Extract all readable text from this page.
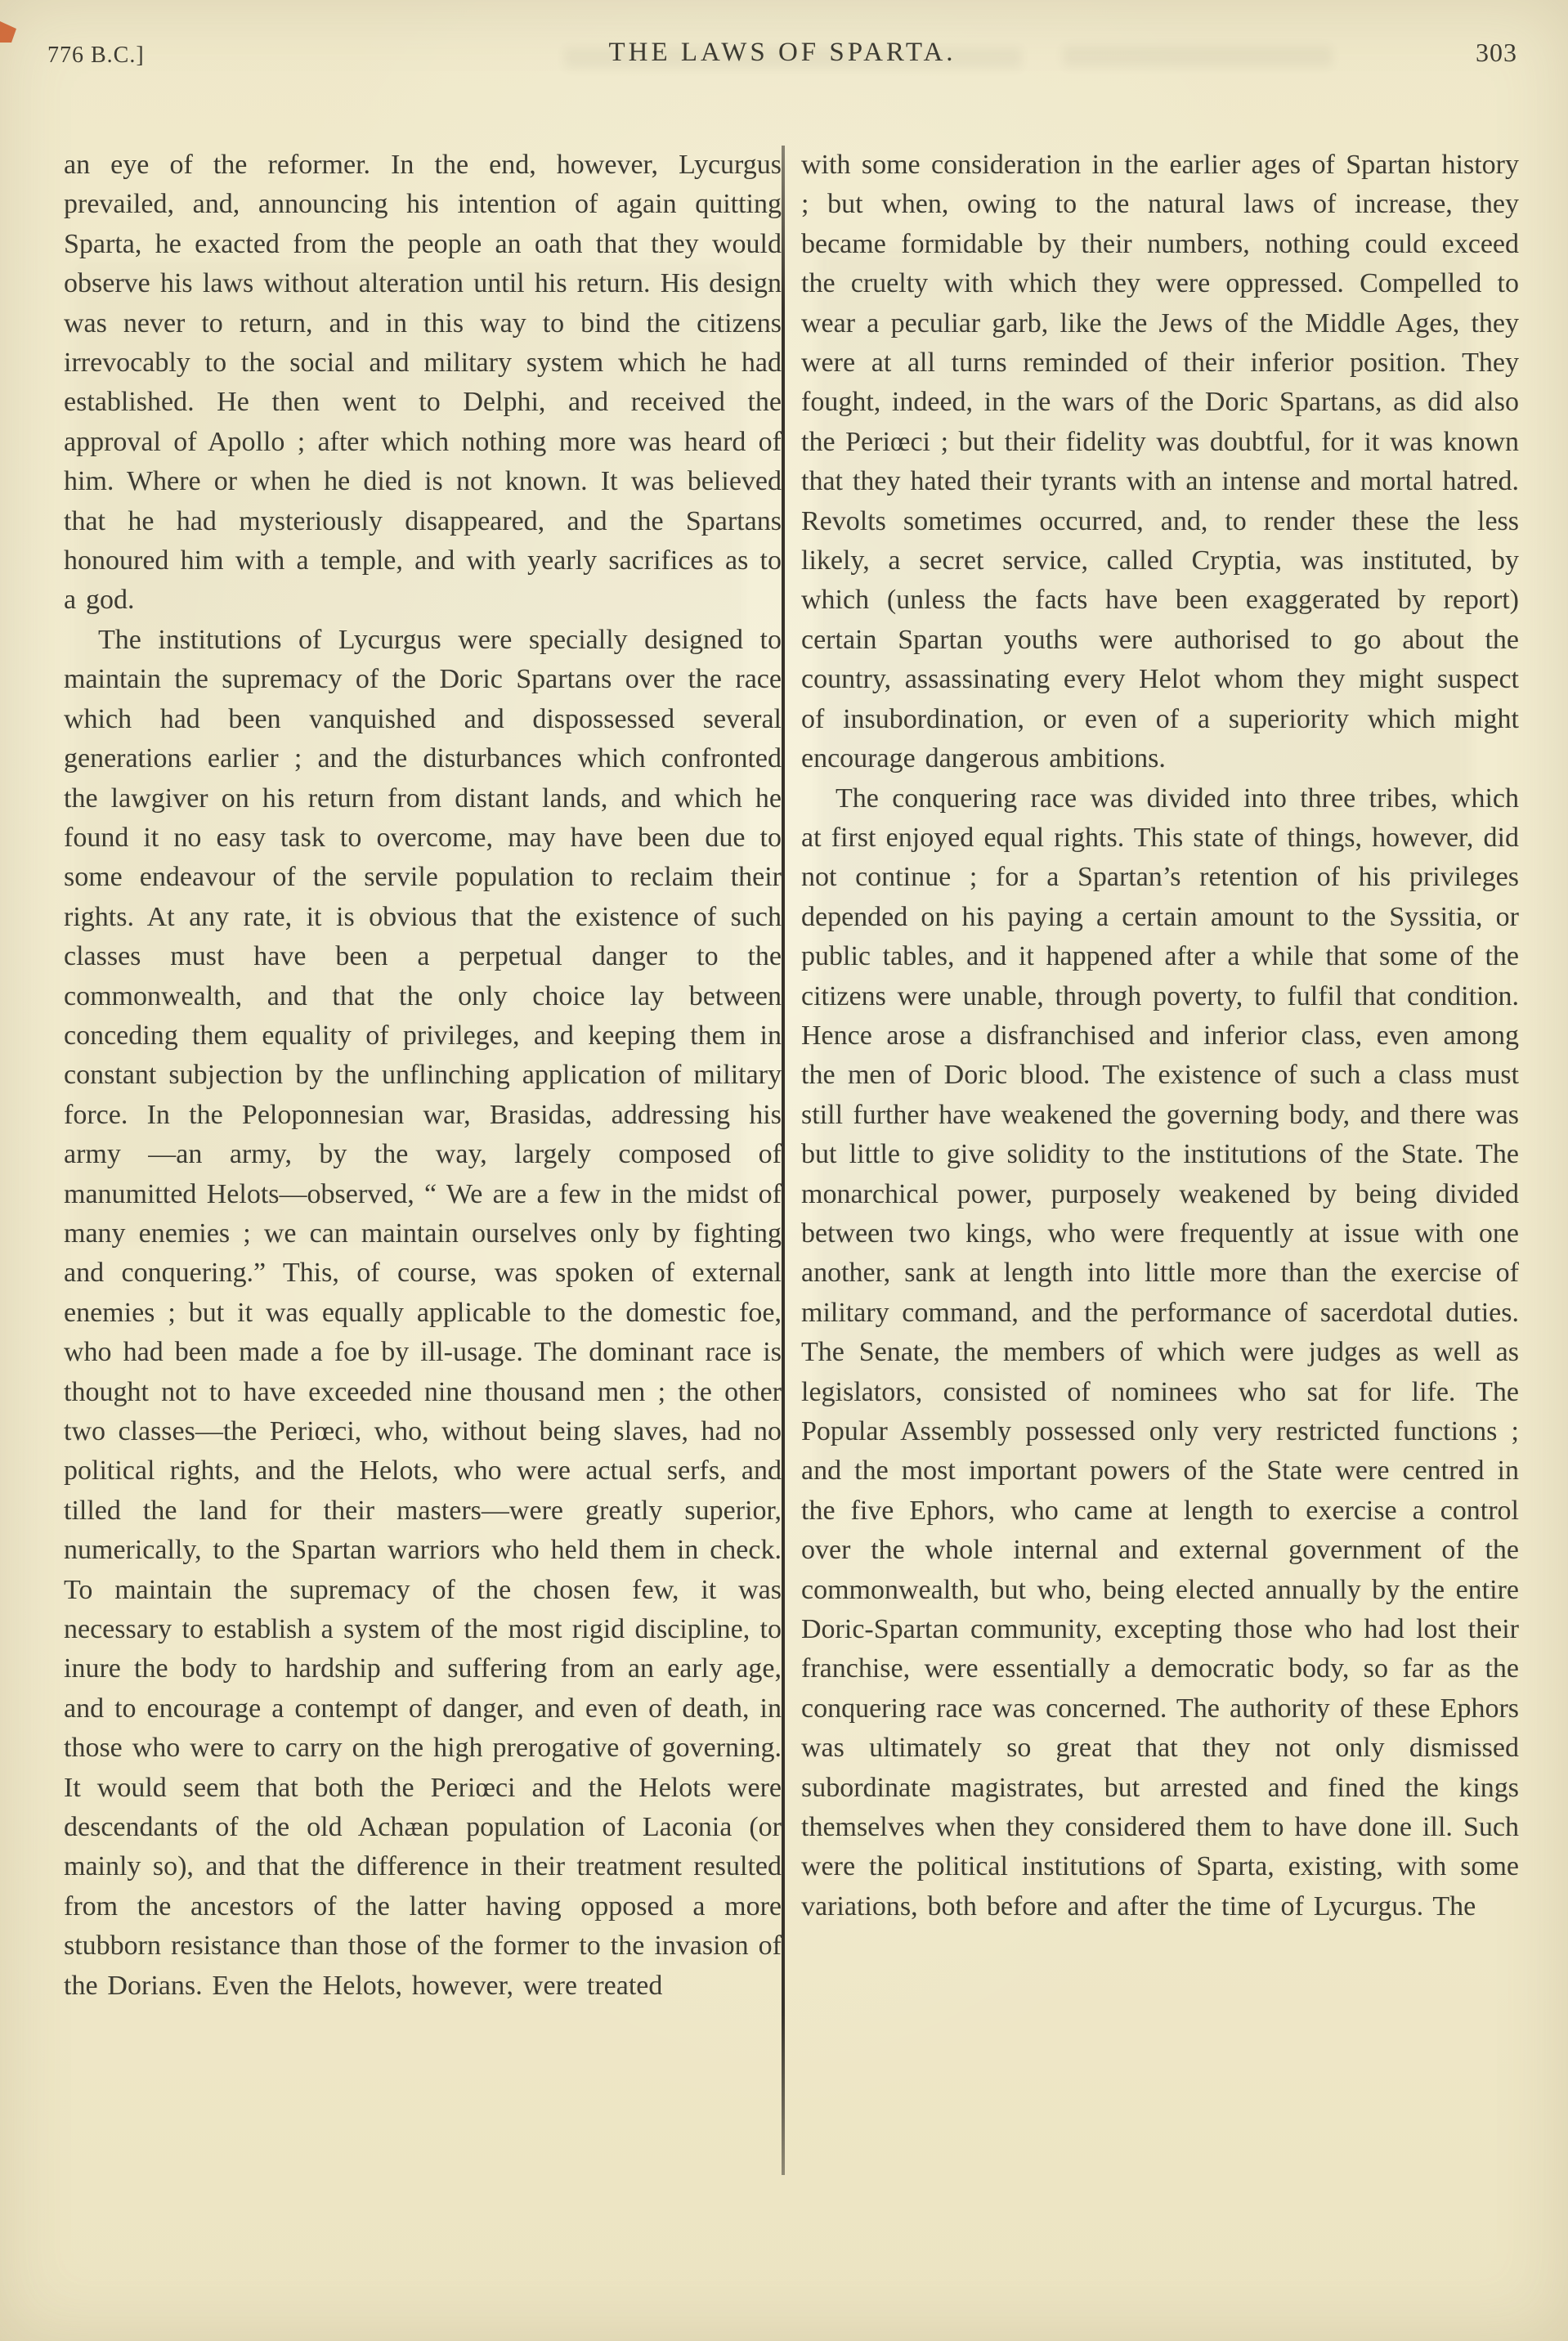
776 B.C.]	THE LAWS OF SPARTA.	303

an eye of the reformer. In the end, however, Lycurgus prevailed, and, announcing his intention of again quitting Sparta, he exacted from the people an oath that they would observe his laws without alteration until his return. His design was never to return, and in this way to bind the citizens irrevocably to the social and military system which he had established. He then went to Delphi, and received the approval of Apollo ; after which nothing more was heard of him. Where or when he died is not known. It was believed that he had mysteriously disappeared, and the Spartans honoured him with a temple, and with yearly sacrifices as to a god.

The institutions of Lycurgus were specially designed to maintain the supremacy of the Doric Spartans over the race which had been vanquished and dispossessed several generations earlier ; and the disturbances which confronted the lawgiver on his return from distant lands, and which he found it no easy task to overcome, may have been due to some endeavour of the servile population to reclaim their rights. At any rate, it is obvious that the existence of such classes must have been a perpetual danger to the commonwealth, and that the only choice lay between conceding them equality of privileges, and keeping them in constant subjection by the unflinching application of military force. In the Peloponnesian war, Brasidas, addressing his army —an army, by the way, largely composed of manumitted Helots—observed, “ We are a few in the midst of many enemies ; we can maintain ourselves only by fighting and conquering.” This, of course, was spoken of external enemies ; but it was equally applicable to the domestic foe, who had been made a foe by ill-usage. The dominant race is thought not to have exceeded nine thousand men ; the other two classes—the Periœci, who, without being slaves, had no political rights, and the Helots, who were actual serfs, and tilled the land for their masters—were greatly superior, numerically, to the Spartan warriors who held them in check. To maintain the supremacy of the chosen few, it was necessary to establish a system of the most rigid discipline, to inure the body to hardship and suffering from an early age, and to encourage a contempt of danger, and even of death, in those who were to carry on the high prerogative of governing. It would seem that both the Periœci and the Helots were descendants of the old Achæan population of Laconia (or mainly so), and that the difference in their treatment resulted from the ancestors of the latter having opposed a more stubborn resistance than those of the former to the invasion of the Dorians. Even the Helots, however, were treated

with some consideration in the earlier ages of Spartan history ; but when, owing to the natural laws of increase, they became formidable by their numbers, nothing could exceed the cruelty with which they were oppressed. Compelled to wear a peculiar garb, like the Jews of the Middle Ages, they were at all turns reminded of their inferior position. They fought, indeed, in the wars of the Doric Spartans, as did also the Periœci ; but their fidelity was doubtful, for it was known that they hated their tyrants with an intense and mortal hatred. Revolts sometimes occurred, and, to render these the less likely, a secret service, called Cryptia, was instituted, by which (unless the facts have been exaggerated by report) certain Spartan youths were authorised to go about the country, assassinating every Helot whom they might suspect of insubordination, or even of a superiority which might encourage dangerous ambitions.

The conquering race was divided into three tribes, which at first enjoyed equal rights. This state of things, however, did not continue ; for a Spartan’s retention of his privileges depended on his paying a certain amount to the Syssitia, or public tables, and it happened after a while that some of the citizens were unable, through poverty, to fulfil that condition. Hence arose a disfranchised and inferior class, even among the men of Doric blood. The existence of such a class must still further have weakened the governing body, and there was but little to give solidity to the institutions of the State. The monarchical power, purposely weakened by being divided between two kings, who were frequently at issue with one another, sank at length into little more than the exercise of military command, and the performance of sacerdotal duties. The Senate, the members of which were judges as well as legislators, consisted of nominees who sat for life. The Popular Assembly possessed only very restricted functions ; and the most important powers of the State were centred in the five Ephors, who came at length to exercise a control over the whole internal and external government of the commonwealth, but who, being elected annually by the entire Doric-Spartan community, excepting those who had lost their franchise, were essentially a democratic body, so far as the conquering race was concerned. The authority of these Ephors was ultimately so great that they not only dismissed subordinate magistrates, but arrested and fined the kings themselves when they considered them to have done ill. Such were the political institutions of Sparta, existing, with some variations, both before and after the time of Lycurgus. The
